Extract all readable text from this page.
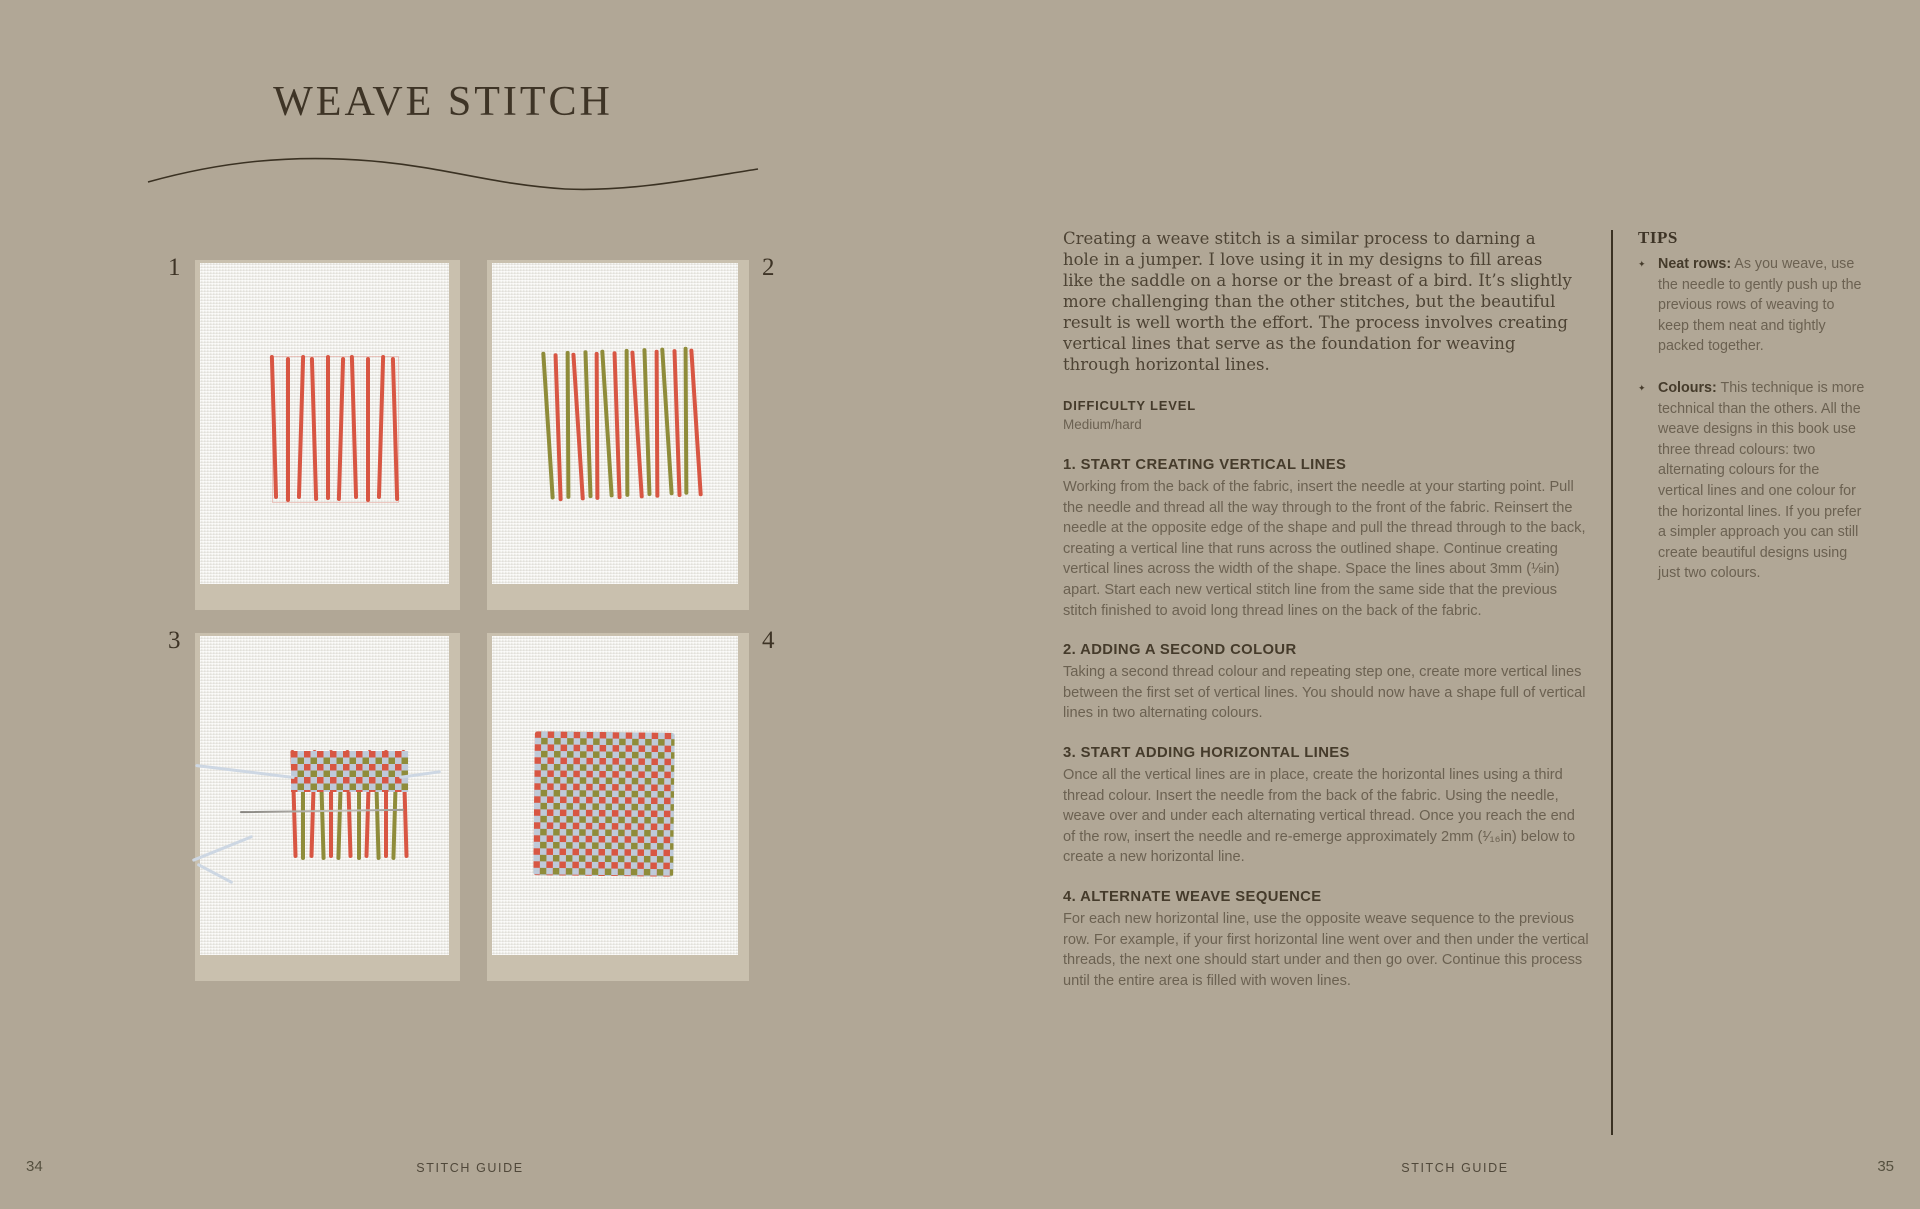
WEAVE STITCH
1	2
3	4
34	STITCH GUIDE

Creating a weave stitch is a similar process to darning a hole in a jumper. I love using it in my designs to fill areas like the saddle on a horse or the breast of a bird. It’s slightly more challenging than the other stitches, but the beautiful result is well worth the effort. The process involves creating vertical lines that serve as the foundation for weaving through horizontal lines.

DIFFICULTY LEVEL

Medium/hard

1. START CREATING VERTICAL LINES

Working from the back of the fabric, insert the needle at your starting point. Pull the needle and thread all the way through to the front of the fabric. Reinsert the needle at the opposite edge of the shape and pull the thread through to the back, creating a vertical line that runs across the outlined shape. Continue creating vertical lines across the width of the shape. Space the lines about 3mm (⅛in) apart. Start each new vertical stitch line from the same side that the previous stitch finished to avoid long thread lines on the back of the fabric.

2. ADDING A SECOND COLOUR

Taking a second thread colour and repeating step one, create more vertical lines between the first set of vertical lines. You should now have a shape full of vertical lines in two alternating colours.

3. START ADDING HORIZONTAL LINES

Once all the vertical lines are in place, create the horizontal lines using a third thread colour. Insert the needle from the back of the fabric. Using the needle, weave over and under each alternating vertical thread. Once you reach the end of the row, insert the needle and re-emerge approximately 2mm (¹⁄₁₆in) below to create a new horizontal line.

4. ALTERNATE WEAVE SEQUENCE

For each new horizontal line, use the opposite weave sequence to the previous row. For example, if your first horizontal line went over and then under the vertical threads, the next one should start under and then go over. Continue this process until the entire area is filled with woven lines.

TIPS

✦ Neat rows: As you weave, use the needle to gently push up the previous rows of weaving to keep them neat and tightly packed together.
✦ Colours: This technique is more technical than the others. All the weave designs in this book use three thread colours: two alternating colours for the vertical lines and one colour for the horizontal lines. If you prefer a simpler approach you can still create beautiful designs using just two colours.
STITCH GUIDE	35
